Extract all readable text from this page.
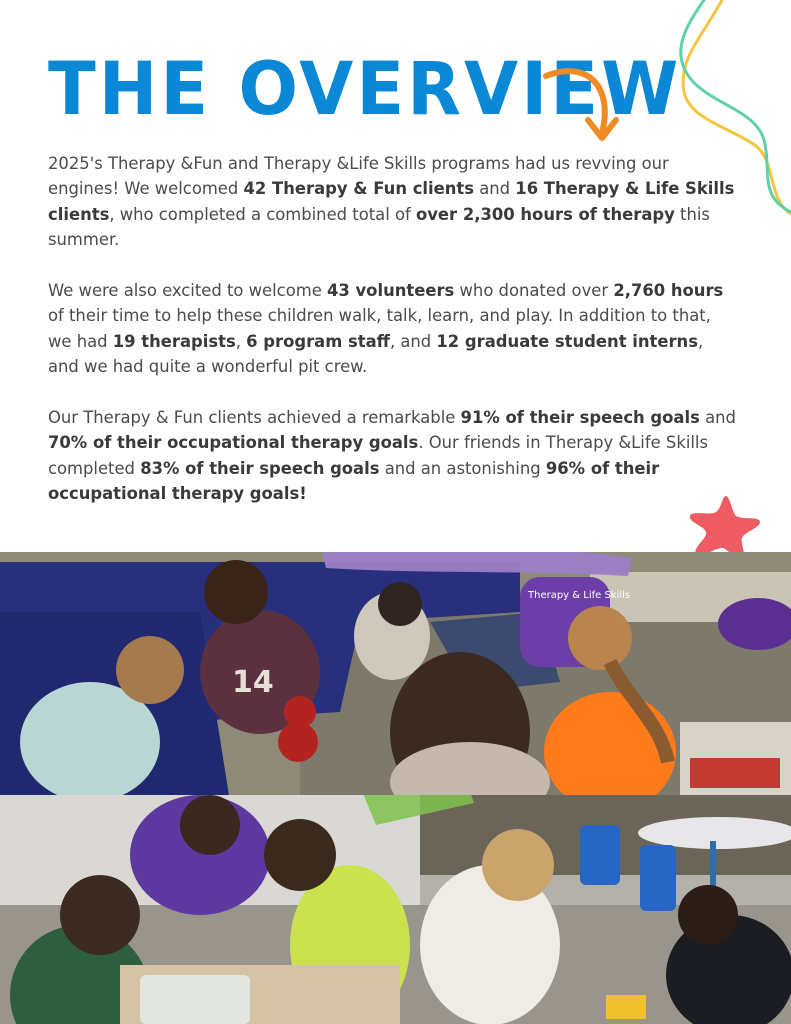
THE OVERVIEW

2025's Therapy &Fun and Therapy &Life Skills programs had us revving our engines! We welcomed 42 Therapy & Fun clients and 16 Therapy & Life Skills clients, who completed a combined total of over 2,300 hours of therapy this summer.

We were also excited to welcome 43 volunteers who donated over 2,760 hours of their time to help these children walk, talk, learn, and play. In addition to that, we had 19 therapists, 6 program staff, and 12 graduate student interns, and we had quite a wonderful pit crew.

Our Therapy & Fun clients achieved a remarkable 91% of their speech goals and 70% of their occupational therapy goals. Our friends in Therapy &Life Skills completed 83% of their speech goals and an astonishing 96% of their occupational therapy goals!

14
Therapy & Life Skills
